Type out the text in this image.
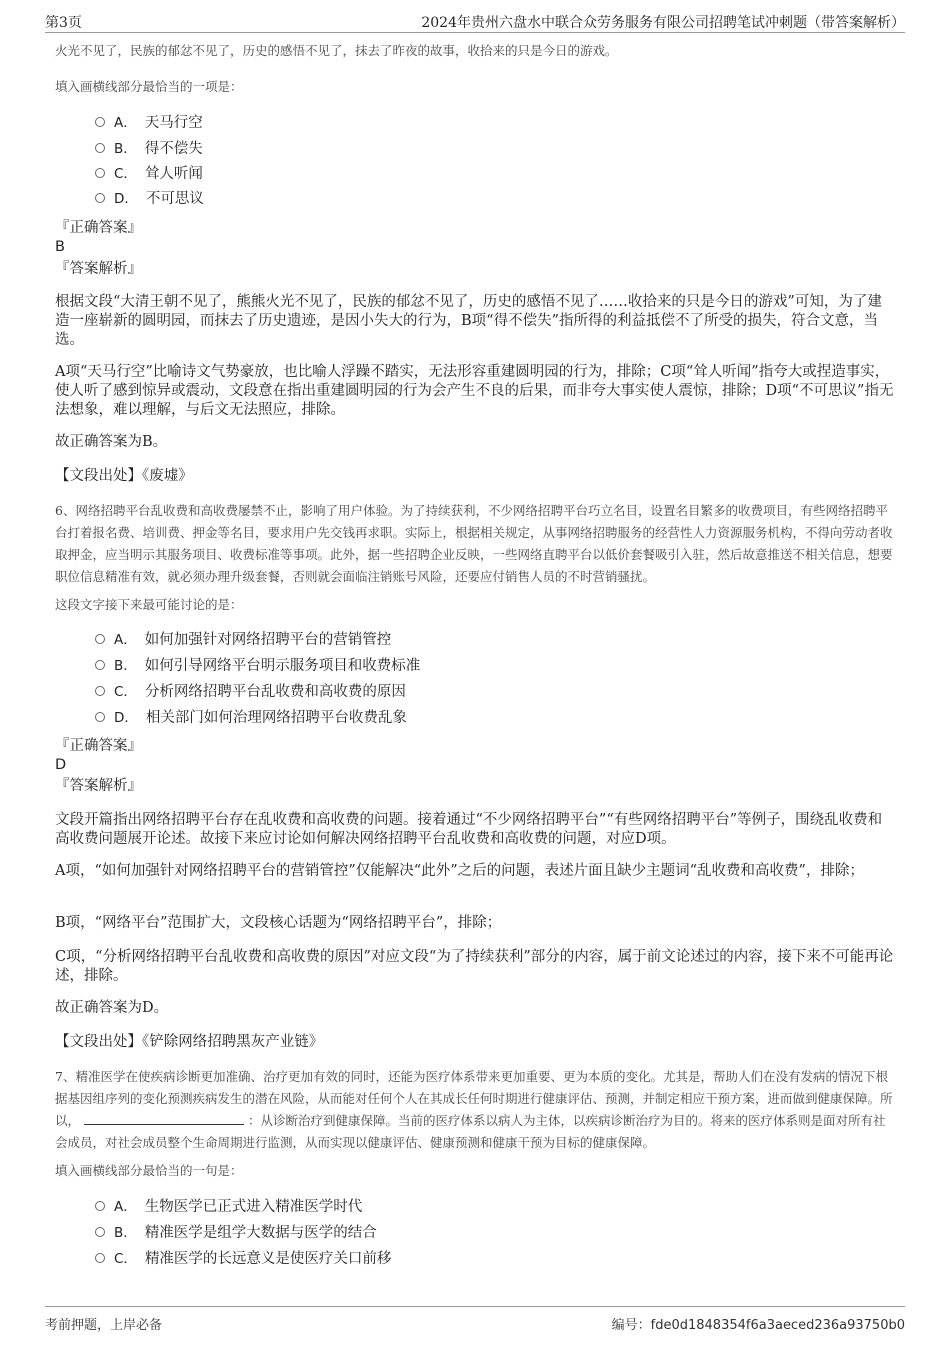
第3页	2024年贵州六盘水中联合众劳务服务有限公司招聘笔试冲刺题（带答案解析）
火光不见了，民族的郁忿不见了，历史的感悟不见了，抹去了昨夜的故事，收拾来的只是今日的游戏。
填入画横线部分最恰当的一项是：
A． 天马行空
B． 得不偿失
C． 耸人听闻
D． 不可思议
『正确答案』
B
『答案解析』
根据文段“大清王朝不见了，熊熊火光不见了，民族的郁忿不见了，历史的感悟不见了……收拾来的只是今日的游戏”可知，为了建造一座崭新的圆明园，而抹去了历史遗迹，是因小失大的行为，B项“得不偿失”指所得的利益抵偿不了所受的损失，符合文意，当选。
A项“天马行空”比喻诗文气势豪放，也比喻人浮躁不踏实，无法形容重建圆明园的行为，排除；C项“耸人听闻”指夸大或捏造事实，使人听了感到惊异或震动，文段意在指出重建圆明园的行为会产生不良的后果，而非夸大事实使人震惊，排除；D项“不可思议”指无法想象，难以理解，与后文无法照应，排除。
故正确答案为B。
【文段出处】《废墟》
6、网络招聘平台乱收费和高收费屡禁不止，影响了用户体验。为了持续获利，不少网络招聘平台巧立名目，设置名目繁多的收费项目，有些网络招聘平台打着报名费、培训费、押金等名目，要求用户先交钱再求职。实际上，根据相关规定，从事网络招聘服务的经营性人力资源服务机构，不得向劳动者收取押金，应当明示其服务项目、收费标准等事项。此外，据一些招聘企业反映，一些网络直聘平台以低价套餐吸引入驻，然后故意推送不相关信息，想要职位信息精准有效，就必须办理升级套餐，否则就会面临注销账号风险，还要应付销售人员的不时营销骚扰。
这段文字接下来最可能讨论的是：
A． 如何加强针对网络招聘平台的营销管控
B． 如何引导网络平台明示服务项目和收费标准
C． 分析网络招聘平台乱收费和高收费的原因
D． 相关部门如何治理网络招聘平台收费乱象
『正确答案』
D
『答案解析』
文段开篇指出网络招聘平台存在乱收费和高收费的问题。接着通过“不少网络招聘平台”“有些网络招聘平台”等例子，围绕乱收费和高收费问题展开论述。故接下来应讨论如何解决网络招聘平台乱收费和高收费的问题，对应D项。
A项，“如何加强针对网络招聘平台的营销管控”仅能解决“此外”之后的问题，表述片面且缺少主题词“乱收费和高收费”，排除；
B项，“网络平台”范围扩大，文段核心话题为“网络招聘平台”，排除；
C项，“分析网络招聘平台乱收费和高收费的原因”对应文段“为了持续获利”部分的内容，属于前文论述过的内容，接下来不可能再论述，排除。
故正确答案为D。
【文段出处】《铲除网络招聘黑灰产业链》
7、精准医学在使疾病诊断更加准确、治疗更加有效的同时，还能为医疗体系带来更加重要、更为本质的变化。尤其是，帮助人们在没有发病的情况下根据基因组序列的变化预测疾病发生的潜在风险，从而能对任何个人在其成长任何时期进行健康评估、预测，并制定相应干预方案，进而做到健康保障。所以，	：从诊断治疗到健康保障。当前的医疗体系以病人为主体，以疾病诊断治疗为目的。将来的医疗体系则是面对所有社会成员，对社会成员整个生命周期进行监测，从而实现以健康评估、健康预测和健康干预为目标的健康保障。
填入画横线部分最恰当的一句是：
A． 生物医学已正式进入精准医学时代
B． 精准医学是组学大数据与医学的结合
C． 精准医学的长远意义是使医疗关口前移
考前押题，上岸必备	编号：fde0d1848354f6a3aeced236a93750b0
